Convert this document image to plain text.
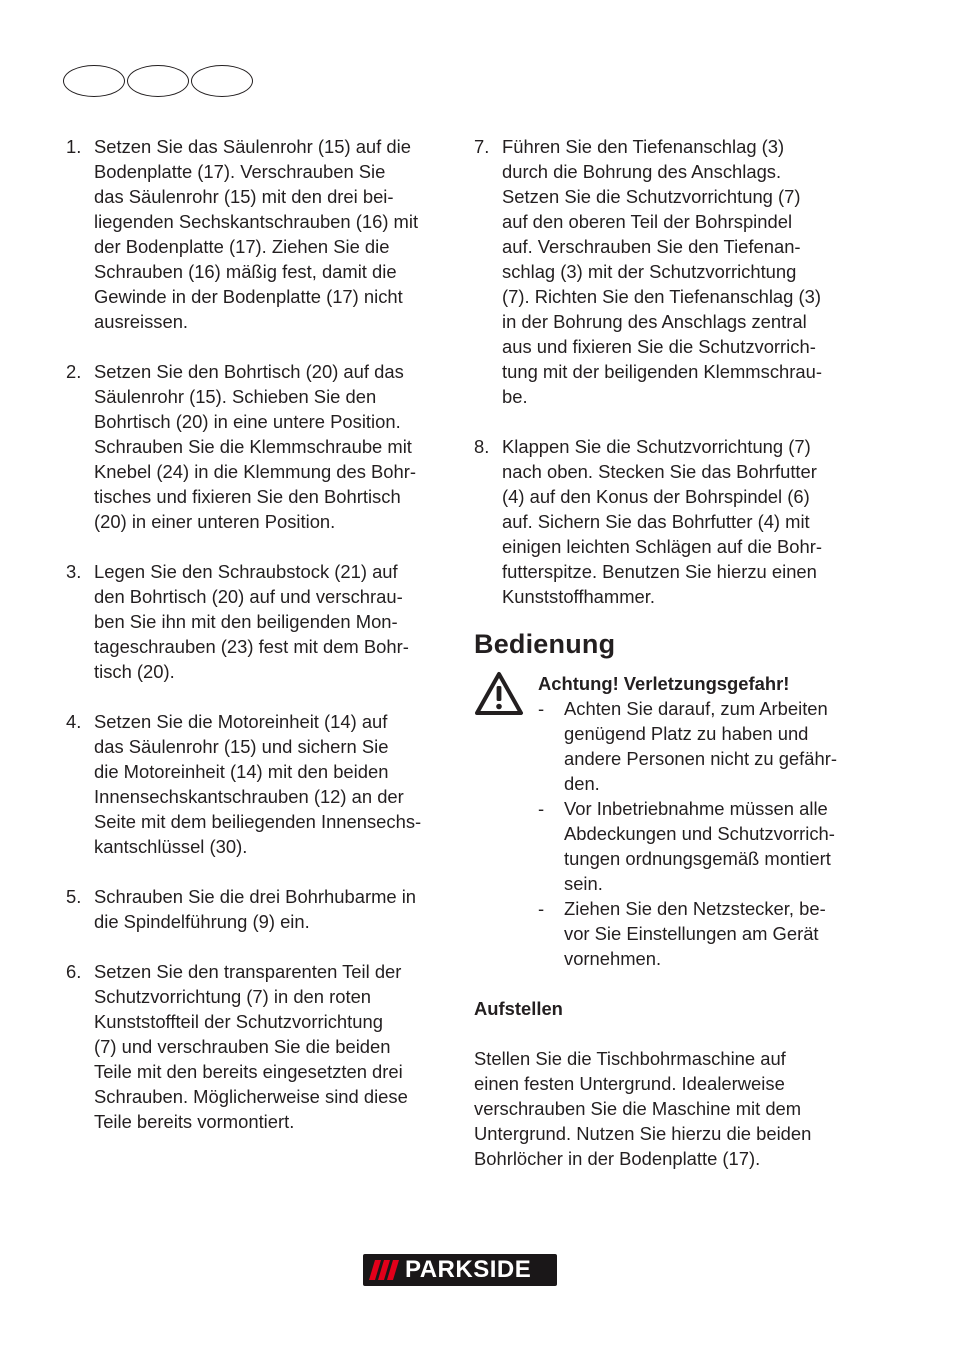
1. Setzen Sie das Säulenrohr (15) auf die
Bodenplatte (17). Verschrauben Sie
das Säulenrohr (15) mit den drei bei-
liegenden Sechskantschrauben (16) mit
der Bodenplatte (17). Ziehen Sie die
Schrauben (16) mäßig fest, damit die
Gewinde in der Bodenplatte (17) nicht
ausreissen.
2. Setzen Sie den Bohrtisch (20) auf das
Säulenrohr (15). Schieben Sie den
Bohrtisch (20) in eine untere Position.
Schrauben Sie die Klemmschraube mit
Knebel (24) in die Klemmung des Bohr-
tisches und fixieren Sie den Bohrtisch
(20) in einer unteren Position.
3. Legen Sie den Schraubstock (21) auf
den Bohrtisch (20) auf und verschrau-
ben Sie ihn mit den beiligenden Mon-
tageschrauben (23) fest mit dem Bohr-
tisch (20).
4. Setzen Sie die Motoreinheit (14) auf
das Säulenrohr (15) und sichern Sie
die Motoreinheit (14) mit den beiden
Innensechskantschrauben (12) an der
Seite mit dem beiliegenden Innensechs-
kantschlüssel (30).
5. Schrauben Sie die drei Bohrhubarme in
die Spindelführung (9) ein.
6. Setzen Sie den transparenten Teil der
Schutzvorrichtung (7) in den roten
Kunststoffteil der Schutzvorrichtung
(7) und verschrauben Sie die beiden
Teile mit den bereits eingesetzten drei
Schrauben. Möglicherweise sind diese
Teile bereits vormontiert.
7. Führen Sie den Tiefenanschlag (3)
durch die Bohrung des Anschlags.
Setzen Sie die Schutzvorrichtung (7)
auf den oberen Teil der Bohrspindel
auf. Verschrauben Sie den Tiefenan-
schlag (3) mit der Schutzvorrichtung
(7). Richten Sie den Tiefenanschlag (3)
in der Bohrung des Anschlags zentral
aus und fixieren Sie die Schutzvorrich-
tung mit der beiligenden Klemmschrau-
be.
8. Klappen Sie die Schutzvorrichtung (7)
nach oben. Stecken Sie das Bohrfutter
(4) auf den Konus der Bohrspindel (6)
auf. Sichern Sie das Bohrfutter (4) mit
einigen leichten Schlägen auf die Bohr-
futterspitze. Benutzen Sie hierzu einen
Kunststoffhammer.
Bedienung
Achtung! Verletzungsgefahr!
-	Achten Sie darauf, zum Arbeiten
genügend Platz zu haben und
andere Personen nicht zu gefähr-
den.
-	Vor Inbetriebnahme müssen alle
Abdeckungen und Schutzvorrich-
tungen ordnungsgemäß montiert
sein.
-	Ziehen Sie den Netzstecker, be-
vor Sie Einstellungen am Gerät
vornehmen.
Aufstellen
Stellen Sie die Tischbohrmaschine auf
einen festen Untergrund. Idealerweise
verschrauben Sie die Maschine mit dem
Untergrund. Nutzen Sie hierzu die beiden
Bohrlöcher in der Bodenplatte (17).
PARKSIDE
